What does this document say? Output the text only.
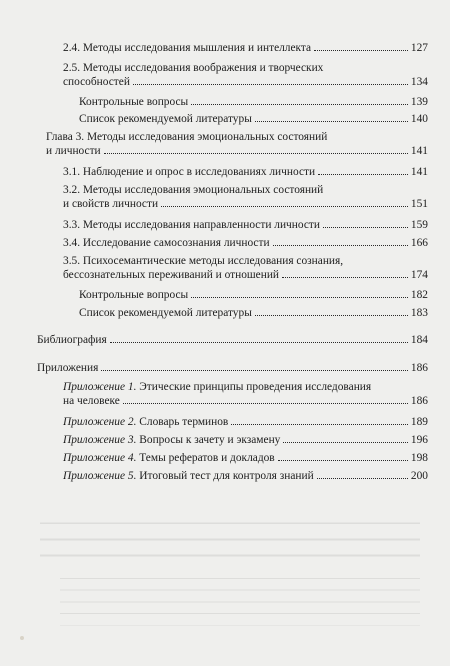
2.4. Методы исследования мышления и интеллекта	127
2.5. Методы исследования воображения и творческих
способностей	134
Контрольные вопросы	139
Список рекомендуемой литературы	140
Глава 3. Методы исследования эмоциональных состояний
и личности	141
3.1. Наблюдение и опрос в исследованиях личности	141
3.2. Методы исследования эмоциональных состояний
и свойств личности	151
3.3. Методы исследования направленности личности	159
3.4. Исследование самосознания личности	166
3.5. Психосемантические методы исследования сознания,
бессознательных переживаний и отношений	174
Контрольные вопросы	182
Список рекомендуемой литературы	183
Библиография	184
Приложения	186
Приложение 1. Этические принципы проведения исследования
на человеке	186
Приложение 2. Словарь терминов	189
Приложение 3. Вопросы к зачету и экзамену	196
Приложение 4. Темы рефератов и докладов	198
Приложение 5. Итоговый тест для контроля знаний	200
